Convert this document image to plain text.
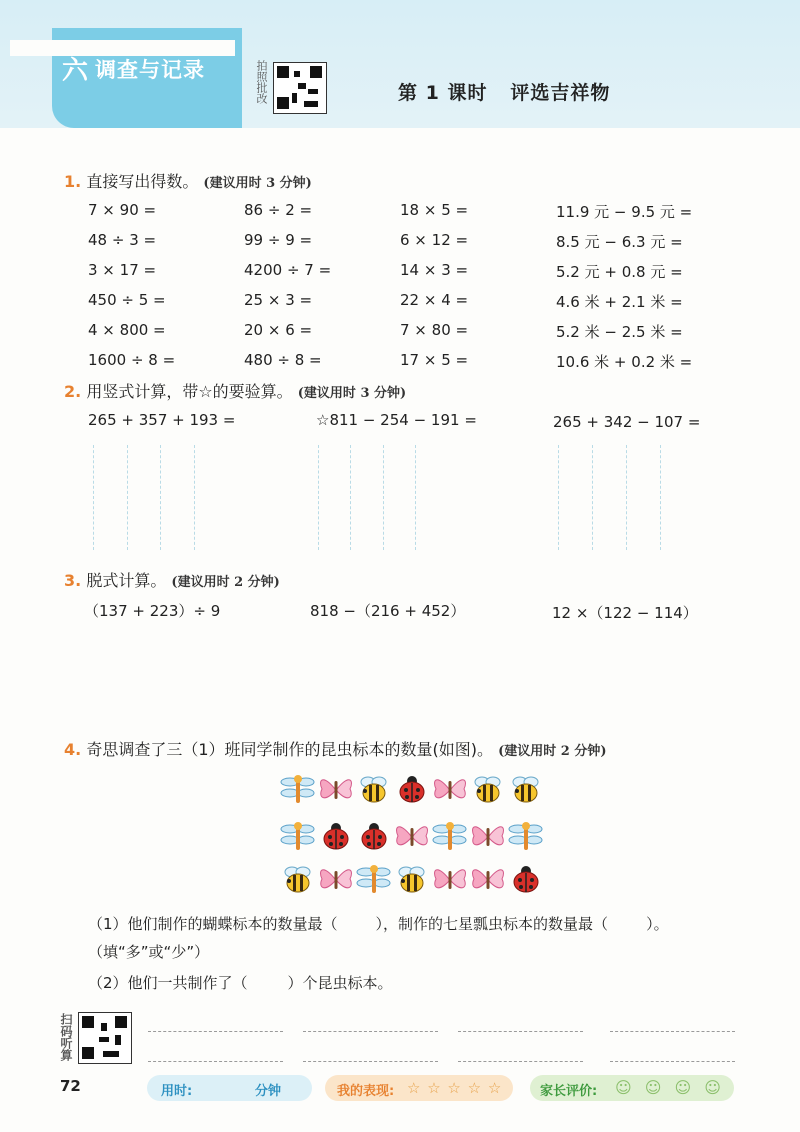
六 调查与记录	拍照批改	第 1 课时 评选吉祥物
1. 直接写出得数。 (建议用时 3 分钟)
7 × 90 =	86 ÷ 2 =	18 × 5 =	11.9 元 − 9.5 元 =
48 ÷ 3 =	99 ÷ 9 =	6 × 12 =	8.5 元 − 6.3 元 =
3 × 17 =	4200 ÷ 7 =	14 × 3 =	5.2 元 + 0.8 元 =
450 ÷ 5 =	25 × 3 =	22 × 4 =	4.6 米 + 2.1 米 =
4 × 800 =	20 × 6 =	7 × 80 =	5.2 米 − 2.5 米 =
1600 ÷ 8 =	480 ÷ 8 =	17 × 5 =	10.6 米 + 0.2 米 =
2. 用竖式计算，带☆的要验算。 (建议用时 3 分钟)
265 + 357 + 193 =	☆811 − 254 − 191 =	265 + 342 − 107 =
3. 脱式计算。 (建议用时 2 分钟)
（137 + 223）÷ 9	818 −（216 + 452）	12 ×（122 − 114）
4. 奇思调查了三（1）班同学制作的昆虫标本的数量(如图)。 (建议用时 2 分钟)
（1）他们制作的蝴蝶标本的数量最（	），制作的七星瓢虫标本的数量最（	）。
（填“多”或“少”）
（2）他们一共制作了（	）个昆虫标本。
扫码听算
72	用时:	分钟	我的表现: ☆ ☆ ☆ ☆ ☆	家长评价: ☺ ☺ ☺ ☺
